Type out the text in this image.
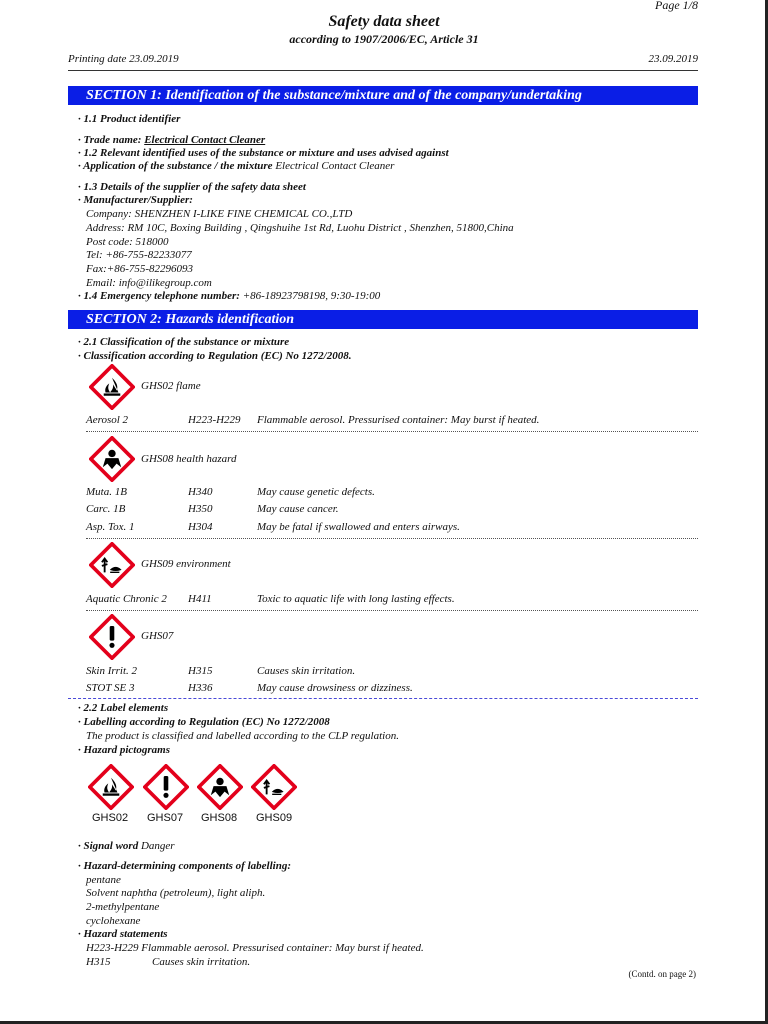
Page 1/8
Safety data sheet
according to 1907/2006/EC, Article 31
Printing date 23.09.2019	23.09.2019
SECTION 1: Identification of the substance/mixture and of the company/undertaking
· 1.1 Product identifier
· Trade name: Electrical Contact Cleaner
· 1.2 Relevant identified uses of the substance or mixture and uses advised against
· Application of the substance / the mixture Electrical Contact Cleaner
· 1.3 Details of the supplier of the safety data sheet
· Manufacturer/Supplier:
Company: SHENZHEN I-LIKE FINE CHEMICAL CO.,LTD
Address: RM 10C, Boxing Building , Qingshuihe 1st Rd, Luohu District , Shenzhen, 51800,China
Post code: 518000
Tel: +86-755-82233077
Fax:+86-755-82296093
Email: info@ilikegroup.com
· 1.4 Emergency telephone number: +86-18923798198, 9:30-19:00
SECTION 2: Hazards identification
· 2.1 Classification of the substance or mixture
· Classification according to Regulation (EC) No 1272/2008.
GHS02 flame
Aerosol 2	H223-H229 Flammable aerosol. Pressurised container: May burst if heated.
GHS08 health hazard
Muta. 1B	H340	May cause genetic defects.
Carc. 1B	H350	May cause cancer.
Asp. Tox. 1	H304	May be fatal if swallowed and enters airways.
GHS09 environment
Aquatic Chronic 2 H411	Toxic to aquatic life with long lasting effects.
GHS07
Skin Irrit. 2	H315	Causes skin irritation.
STOT SE 3	H336	May cause drowsiness or dizziness.
· 2.2 Label elements
· Labelling according to Regulation (EC) No 1272/2008
The product is classified and labelled according to the CLP regulation.
· Hazard pictograms
GHS02 GHS07 GHS08 GHS09
· Signal word Danger
· Hazard-determining components of labelling:
pentane
Solvent naphtha (petroleum), light aliph.
2-methylpentane
cyclohexane
· Hazard statements
H223-H229 Flammable aerosol. Pressurised container: May burst if heated.
H315	Causes skin irritation.
(Contd. on page 2)
